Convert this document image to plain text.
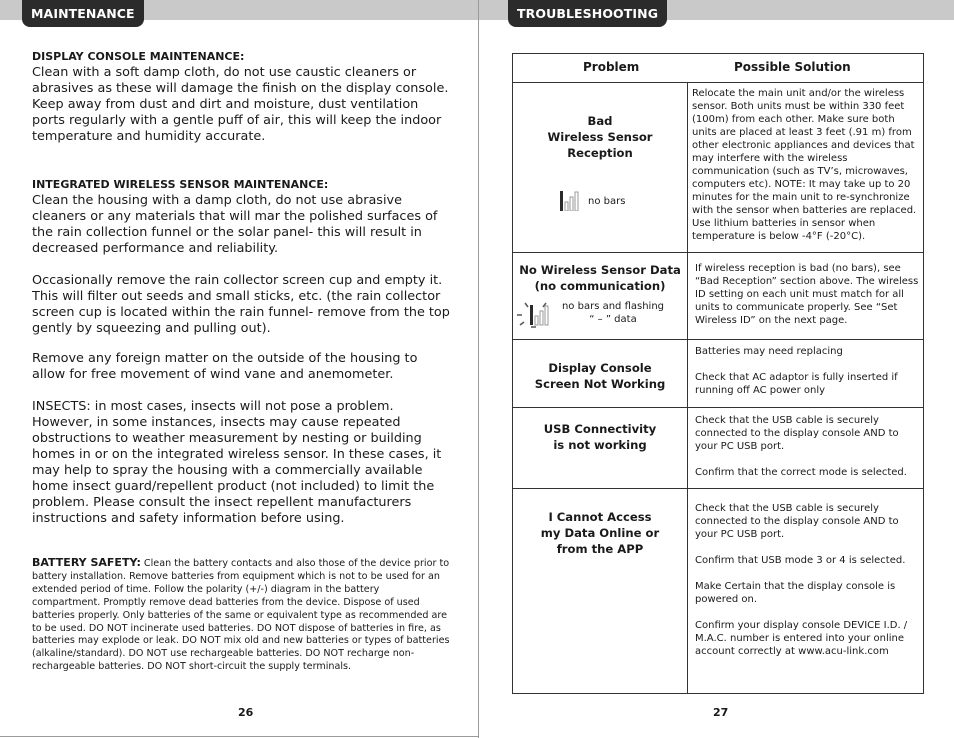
MAINTENANCE

DISPLAY CONSOLE MAINTENANCE:
Clean with a soft damp cloth, do not use caustic cleaners or abrasives as these will damage the finish on the display console. Keep away from dust and dirt and moisture, dust ventilation ports regularly with a gentle puff of air, this will keep the indoor temperature and humidity accurate.

INTEGRATED WIRELESS SENSOR MAINTENANCE:
Clean the housing with a damp cloth, do not use abrasive cleaners or any materials that will mar the polished surfaces of the rain collection funnel or the solar panel- this will result in decreased performance and reliability.

Occasionally remove the rain collector screen cup and empty it. This will filter out seeds and small sticks, etc. (the rain collector screen cup is located within the rain funnel- remove from the top gently by squeezing and pulling out).

Remove any foreign matter on the outside of the housing to allow for free movement of wind vane and anemometer.

INSECTS: in most cases, insects will not pose a problem. However, in some instances, insects may cause repeated obstructions to weather measurement by nesting or building homes in or on the integrated wireless sensor. In these cases, it may help to spray the housing with a commercially available home insect guard/repellent product (not included) to limit the problem. Please consult the insect repellent manufacturers instructions and safety information before using.

BATTERY SAFETY: Clean the battery contacts and also those of the device prior to battery installation. Remove batteries from equipment which is not to be used for an extended period of time. Follow the polarity (+/-) diagram in the battery compartment. Promptly remove dead batteries from the device. Dispose of used batteries properly. Only batteries of the same or equivalent type as recommended are to be used. DO NOT incinerate used batteries. DO NOT dispose of batteries in fire, as batteries may explode or leak. DO NOT mix old and new batteries or types of batteries (alkaline/standard). DO NOT use rechargeable batteries. DO NOT recharge non-rechargeable batteries. DO NOT short-circuit the supply terminals.

26
TROUBLESHOOTING
Problem	Possible Solution
Bad
Wireless Sensor
Reception
no bars

Relocate the main unit and/or the wireless sensor. Both units must be within 330 feet (100m) from each other. Make sure both units are placed at least 3 feet (.91 m) from other electronic appliances and devices that may interfere with the wireless communication (such as TV’s, microwaves, computers etc). NOTE: It may take up to 20 minutes for the main unit to re-synchronize with the sensor when batteries are replaced. Use lithium batteries in sensor when temperature is below -4°F (-20°C).

No Wireless Sensor Data
(no communication)
no bars and flashing
“ – ” data

If wireless reception is bad (no bars), see “Bad Reception” section above. The wireless ID setting on each unit must match for all units to communicate properly. See “Set Wireless ID” on the next page.

Display Console
Screen Not Working

Batteries may need replacing

Check that AC adaptor is fully inserted if running off AC power only

USB Connectivity
is not working

Check that the USB cable is securely connected to the display console AND to your PC USB port.

Confirm that the correct mode is selected.

I Cannot Access
my Data Online or
from the APP

Check that the USB cable is securely connected to the display console AND to your PC USB port.

Confirm that USB mode 3 or 4 is selected.

Make Certain that the display console is powered on.

Confirm your display console DEVICE I.D. / M.A.C. number is entered into your online account correctly at www.acu-link.com

27
